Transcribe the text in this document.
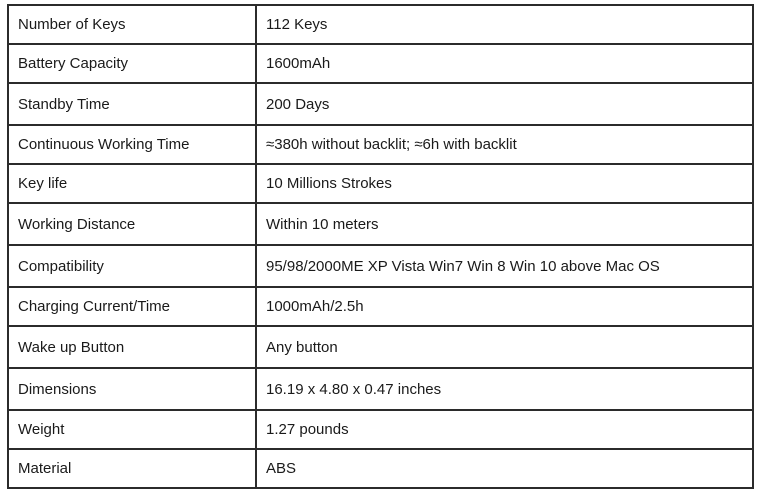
Number of Keys	112 Keys
Battery Capacity	1600mAh
Standby Time	200 Days
Continuous Working Time	≈380h without backlit; ≈6h with backlit
Key life	10 Millions Strokes
Working Distance	Within 10 meters
Compatibility	95/98/2000ME XP Vista Win7 Win 8 Win 10 above Mac OS
Charging Current/Time	1000mAh/2.5h
Wake up Button	Any button
Dimensions	16.19 x 4.80 x 0.47 inches
Weight	1.27 pounds
Material	ABS
